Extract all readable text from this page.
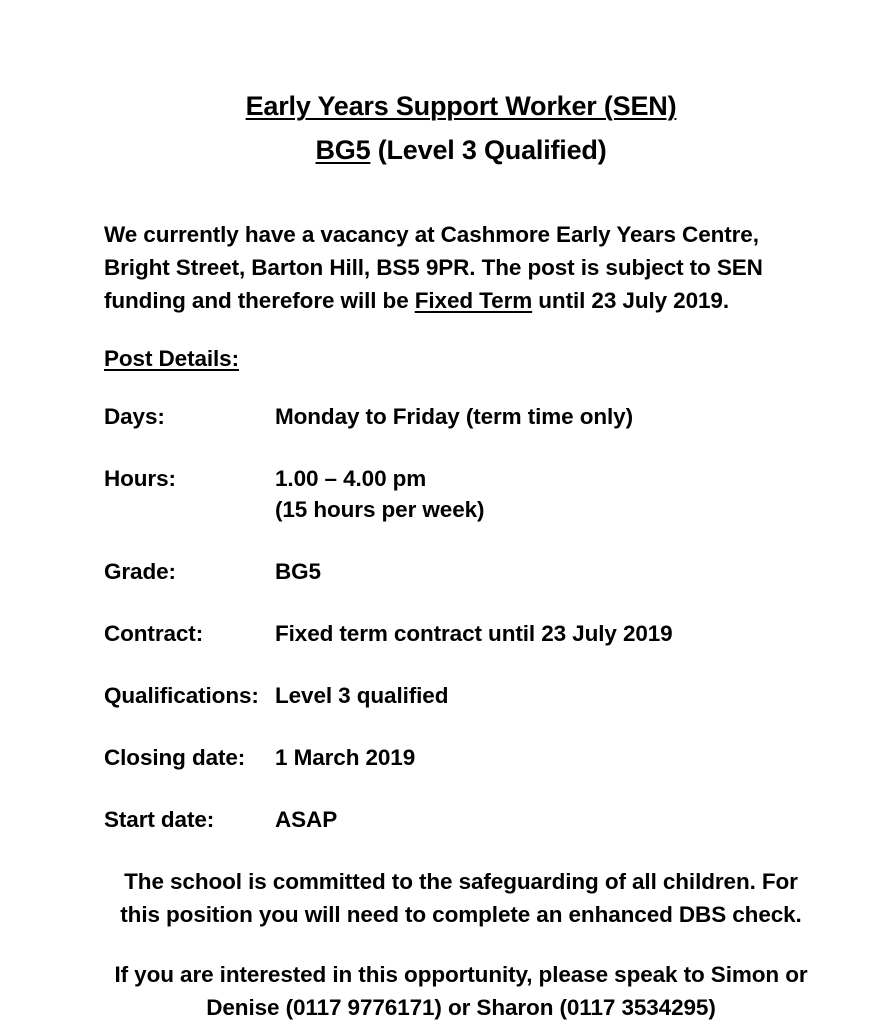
Early Years Support Worker (SEN)
BG5 (Level 3 Qualified)

We currently have a vacancy at Cashmore Early Years Centre, Bright Street, Barton Hill, BS5 9PR. The post is subject to SEN funding and therefore will be Fixed Term until 23 July 2019.

Post Details:

Days:	Monday to Friday (term time only)

Hours:	1.00 – 4.00 pm
(15 hours per week)

Grade:	BG5

Contract:	Fixed term contract until 23 July 2019

Qualifications:	Level 3 qualified

Closing date:	1 March 2019

Start date:	ASAP

The school is committed to the safeguarding of all children. For this position you will need to complete an enhanced DBS check.

If you are interested in this opportunity, please speak to Simon or Denise (0117 9776171) or Sharon (0117 3534295)
